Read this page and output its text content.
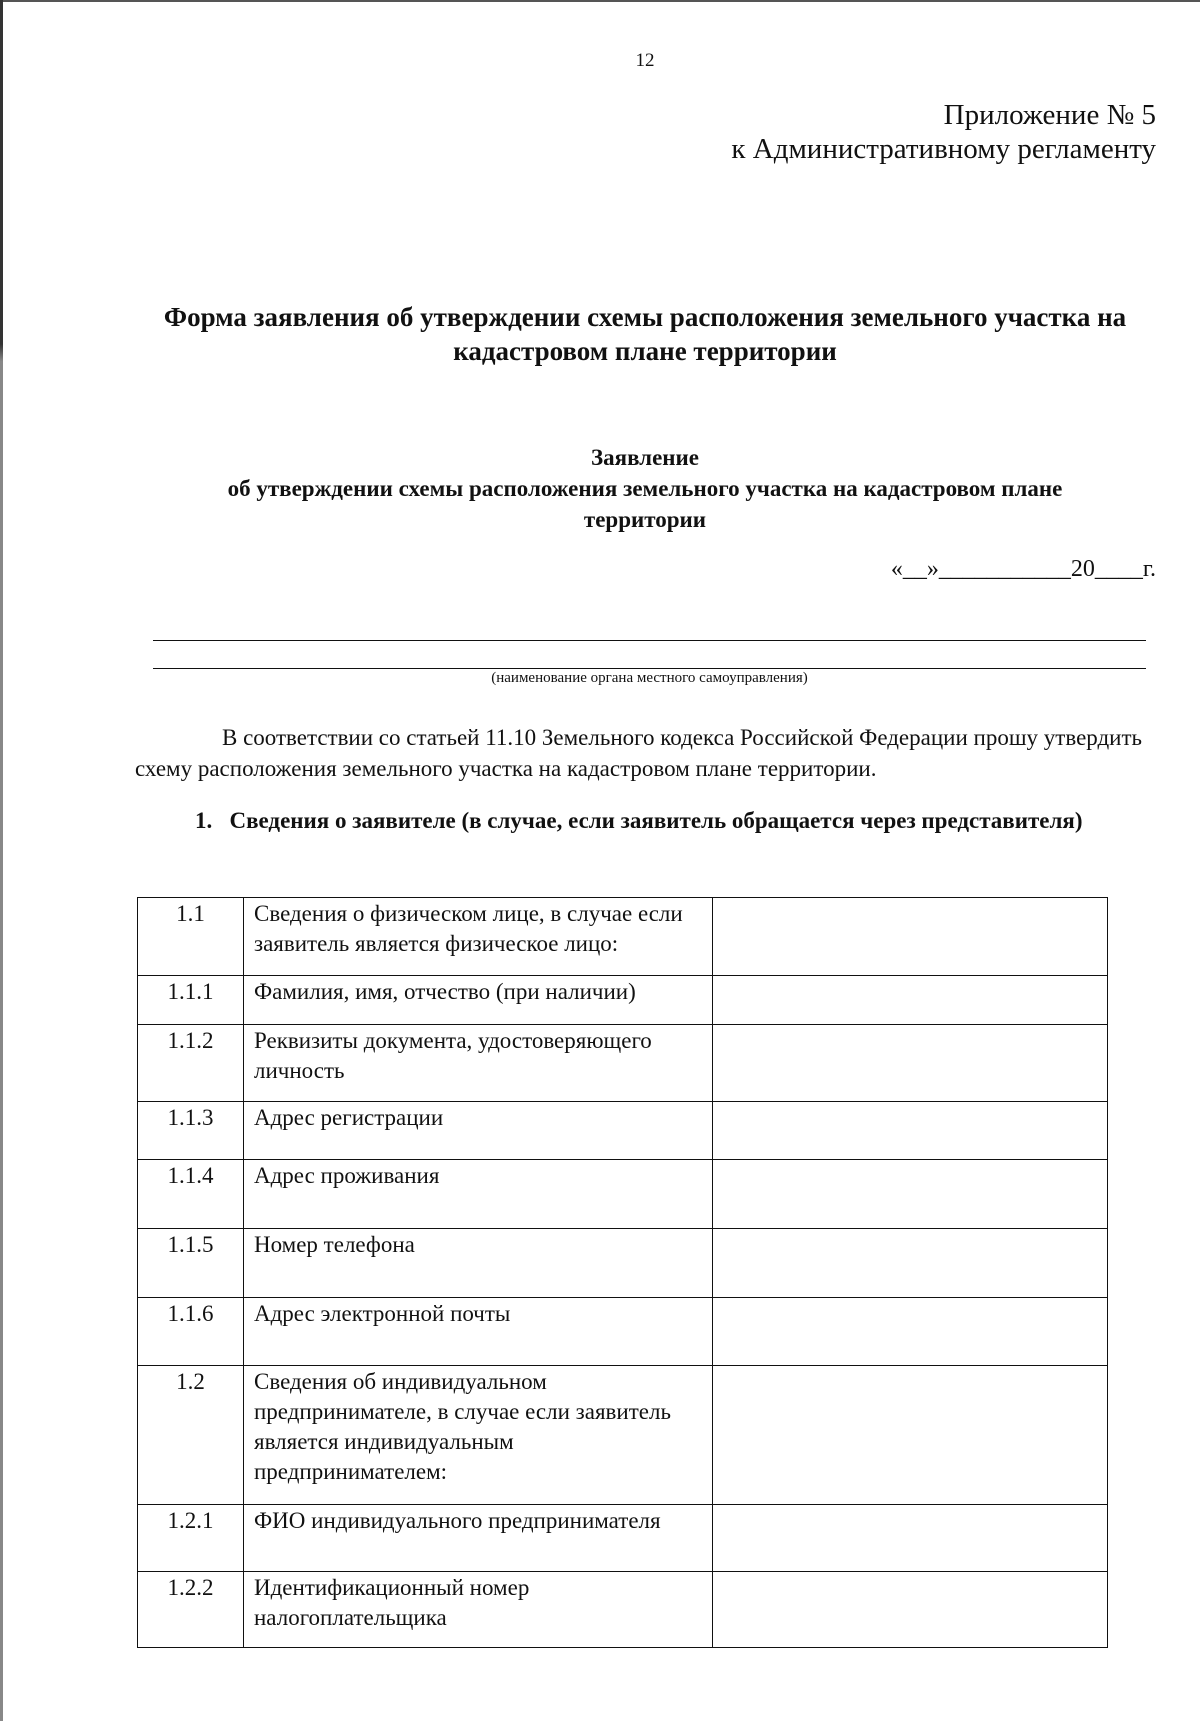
12
Приложение № 5
к Административному регламенту
Форма заявления об утверждении схемы расположения земельного участка на
кадастровом плане территории
Заявление
об утверждении схемы расположения земельного участка на кадастровом плане
территории
«__»___________20____г.
(наименование органа местного самоуправления)
В соответствии со статьей 11.10 Земельного кодекса Российской Федерации прошу утвердить схему расположения земельного участка на кадастровом плане территории.
1. Сведения о заявителе (в случае, если заявитель обращается через представителя)
1.1	Сведения о физическом лице, в случае если заявитель является физическое лицо:	
1.1.1	Фамилия, имя, отчество (при наличии)	
1.1.2	Реквизиты документа, удостоверяющего личность	
1.1.3	Адрес регистрации	
1.1.4	Адрес проживания	
1.1.5	Номер телефона	
1.1.6	Адрес электронной почты	
1.2	Сведения об индивидуальном предпринимателе, в случае если заявитель является индивидуальным предпринимателем:	
1.2.1	ФИО индивидуального предпринимателя	
1.2.2	Идентификационный номер налогоплательщика	
